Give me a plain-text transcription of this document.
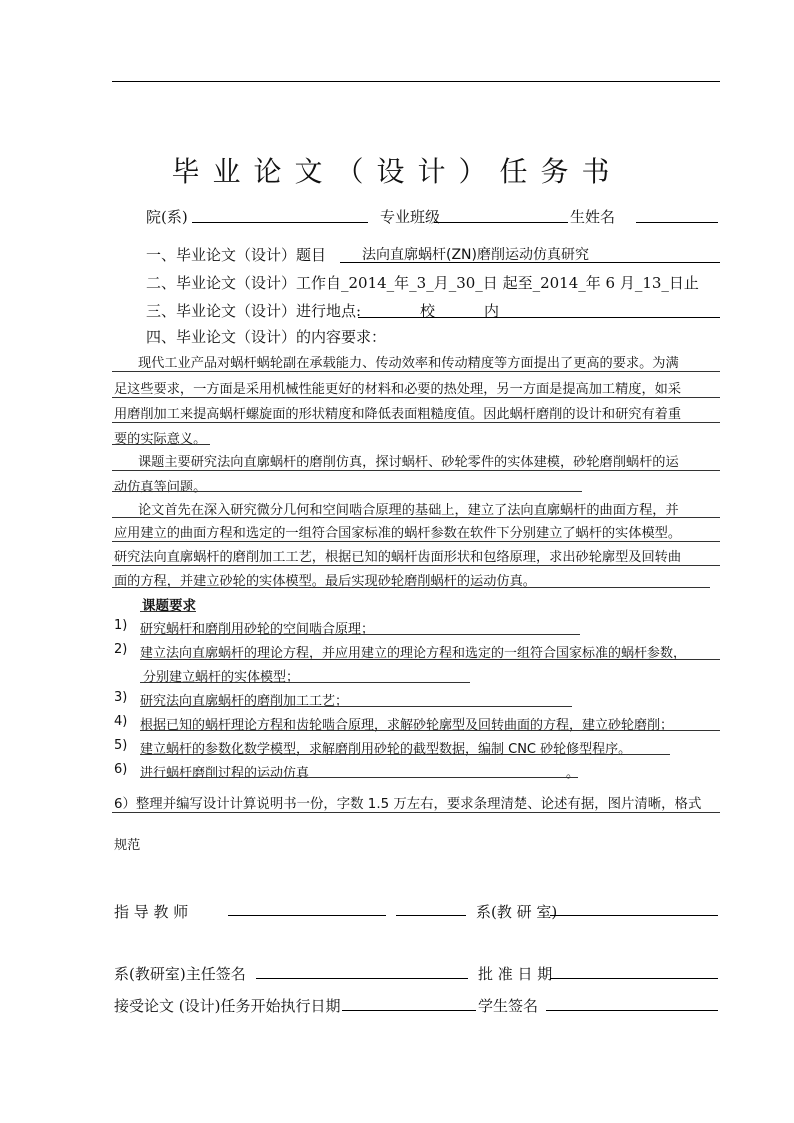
毕业论文（设计）任务书
院(系)	专业班级	生姓名
一、毕业论文（设计）题目	法向直廓蜗杆(ZN)磨削运动仿真研究
二、毕业论文（设计）工作自_2014_年_3_月_30_日 起至_2014_年 6 月_13_日止
三、毕业论文（设计）进行地点:	校	内
四、毕业论文（设计）的内容要求：
现代工业产品对蜗杆蜗轮副在承载能力、传动效率和传动精度等方面提出了更高的要求。为满
足这些要求，一方面是采用机械性能更好的材料和必要的热处理，另一方面是提高加工精度，如采
用磨削加工来提高蜗杆螺旋面的形状精度和降低表面粗糙度值。因此蜗杆磨削的设计和研究有着重
要的实际意义。
课题主要研究法向直廓蜗杆的磨削仿真，探讨蜗杆、砂轮零件的实体建模，砂轮磨削蜗杆的运
动仿真等问题。
论文首先在深入研究微分几何和空间啮合原理的基础上，建立了法向直廓蜗杆的曲面方程，并
应用建立的曲面方程和选定的一组符合国家标准的蜗杆参数在软件下分别建立了蜗杆的实体模型。
研究法向直廓蜗杆的磨削加工工艺，根据已知的蜗杆齿面形状和包络原理，求出砂轮廓型及回转曲
面的方程，并建立砂轮的实体模型。最后实现砂轮磨削蜗杆的运动仿真。
课题要求
1) 研究蜗杆和磨削用砂轮的空间啮合原理；
2) 建立法向直廓蜗杆的理论方程，并应用建立的理论方程和选定的一组符合国家标准的蜗杆参数，
分别建立蜗杆的实体模型；
3) 研究法向直廓蜗杆的磨削加工工艺；
4) 根据已知的蜗杆理论方程和齿轮啮合原理，求解砂轮廓型及回转曲面的方程，建立砂轮磨削；
5) 建立蜗杆的参数化数学模型，求解磨削用砂轮的截型数据，编制 CNC 砂轮修型程序。
6) 进行蜗杆磨削过程的运动仿真	。
6）整理并编写设计计算说明书一份，字数 1.5 万左右，要求条理清楚、论述有据，图片清晰，格式
规范
指 导 教 师	系(教 研 室)
系(教研室)主任签名	批 准 日 期
接受论文 (设计)任务开始执行日期	学生签名
